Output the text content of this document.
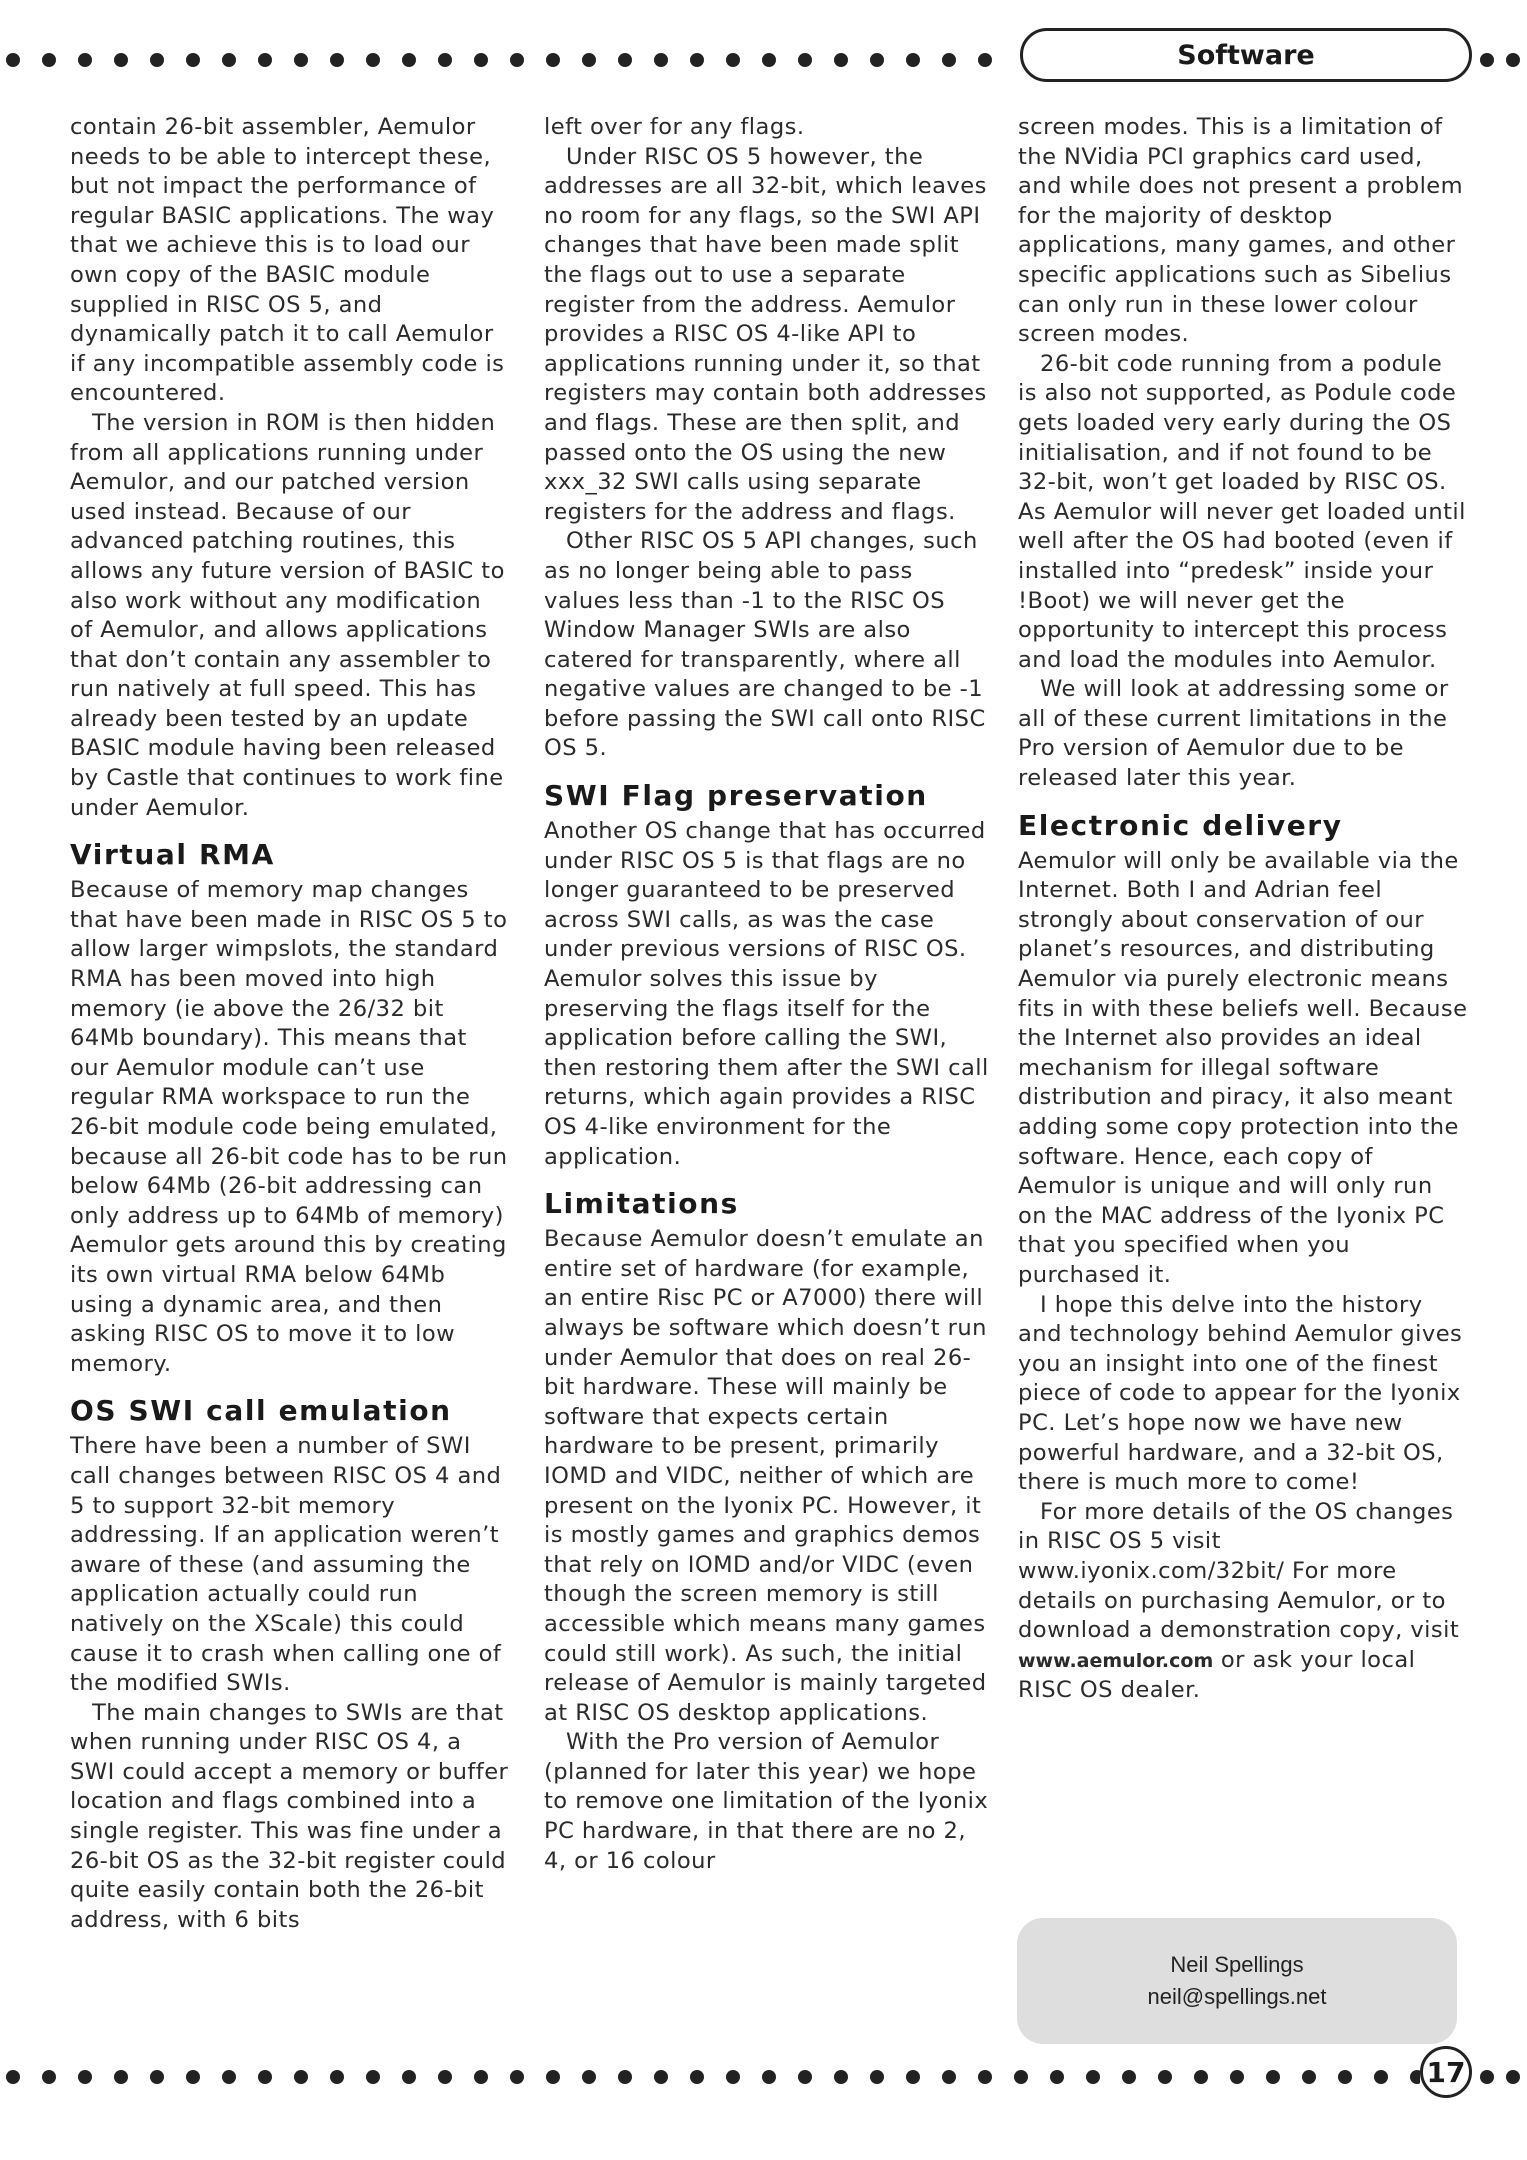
Software

contain 26-bit assembler, Aemulor needs to be able to intercept these, but not impact the performance of regular BASIC applications. The way that we achieve this is to load our own copy of the BASIC module supplied in RISC OS 5, and dynamically patch it to call Aemulor if any incompatible assembly code is encountered.

The version in ROM is then hidden from all applications running under Aemulor, and our patched version used instead. Because of our advanced patching routines, this allows any future version of BASIC to also work without any modification of Aemulor, and allows applications that don’t contain any assembler to run natively at full speed. This has already been tested by an update BASIC module having been released by Castle that continues to work fine under Aemulor.

Virtual RMA

Because of memory map changes that have been made in RISC OS 5 to allow larger wimpslots, the standard RMA has been moved into high memory (ie above the 26/32 bit 64Mb boundary). This means that our Aemulor module can’t use regular RMA workspace to run the 26-bit module code being emulated, because all 26-bit code has to be run below 64Mb (26-bit addressing can only address up to 64Mb of memory) Aemulor gets around this by creating its own virtual RMA below 64Mb using a dynamic area, and then asking RISC OS to move it to low memory.

OS SWI call emulation

There have been a number of SWI call changes between RISC OS 4 and 5 to support 32-bit memory addressing. If an application weren’t aware of these (and assuming the application actually could run natively on the XScale) this could cause it to crash when calling one of the modified SWIs.

The main changes to SWIs are that when running under RISC OS 4, a SWI could accept a memory or buffer location and flags combined into a single register. This was fine under a 26-bit OS as the 32-bit register could quite easily contain both the 26-bit address, with 6 bits

left over for any flags.

Under RISC OS 5 however, the addresses are all 32-bit, which leaves no room for any flags, so the SWI API changes that have been made split the flags out to use a separate register from the address. Aemulor provides a RISC OS 4-like API to applications running under it, so that registers may contain both addresses and flags. These are then split, and passed onto the OS using the new xxx_32 SWI calls using separate registers for the address and flags.

Other RISC OS 5 API changes, such as no longer being able to pass values less than -1 to the RISC OS Window Manager SWIs are also catered for transparently, where all negative values are changed to be -1 before passing the SWI call onto RISC OS 5.

SWI Flag preservation

Another OS change that has occurred under RISC OS 5 is that flags are no longer guaranteed to be preserved across SWI calls, as was the case under previous versions of RISC OS. Aemulor solves this issue by preserving the flags itself for the application before calling the SWI, then restoring them after the SWI call returns, which again provides a RISC OS 4-like environment for the application.

Limitations

Because Aemulor doesn’t emulate an entire set of hardware (for example, an entire Risc PC or A7000) there will always be software which doesn’t run under Aemulor that does on real 26-bit hardware. These will mainly be software that expects certain hardware to be present, primarily IOMD and VIDC, neither of which are present on the Iyonix PC. However, it is mostly games and graphics demos that rely on IOMD and/or VIDC (even though the screen memory is still accessible which means many games could still work). As such, the initial release of Aemulor is mainly targeted at RISC OS desktop applications.

With the Pro version of Aemulor (planned for later this year) we hope to remove one limitation of the Iyonix PC hardware, in that there are no 2, 4, or 16 colour

screen modes. This is a limitation of the NVidia PCI graphics card used, and while does not present a problem for the majority of desktop applications, many games, and other specific applications such as Sibelius can only run in these lower colour screen modes.

26-bit code running from a podule is also not supported, as Podule code gets loaded very early during the OS initialisation, and if not found to be 32-bit, won’t get loaded by RISC OS. As Aemulor will never get loaded until well after the OS had booted (even if installed into “predesk” inside your !Boot) we will never get the opportunity to intercept this process and load the modules into Aemulor.

We will look at addressing some or all of these current limitations in the Pro version of Aemulor due to be released later this year.

Electronic delivery

Aemulor will only be available via the Internet. Both I and Adrian feel strongly about conservation of our planet’s resources, and distributing Aemulor via purely electronic means fits in with these beliefs well. Because the Internet also provides an ideal mechanism for illegal software distribution and piracy, it also meant adding some copy protection into the software. Hence, each copy of Aemulor is unique and will only run on the MAC address of the Iyonix PC that you specified when you purchased it.

I hope this delve into the history and technology behind Aemulor gives you an insight into one of the finest piece of code to appear for the Iyonix PC. Let’s hope now we have new powerful hardware, and a 32-bit OS, there is much more to come!

For more details of the OS changes in RISC OS 5 visit www.iyonix.com/32bit/ For more details on purchasing Aemulor, or to download a demonstration copy, visit www.aemulor.com or ask your local RISC OS dealer.

Neil Spellings
neil@spellings.net
17
